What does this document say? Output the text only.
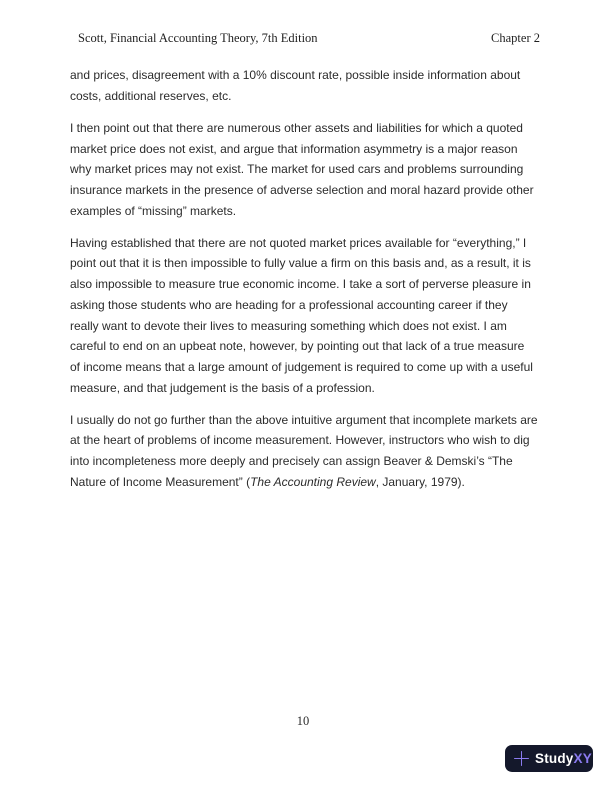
Scott, Financial Accounting Theory, 7th Edition	Chapter 2

and prices, disagreement with a 10% discount rate, possible inside information about
costs, additional reserves, etc.

I then point out that there are numerous other assets and liabilities for which a quoted
market price does not exist, and argue that information asymmetry is a major reason
why market prices may not exist. The market for used cars and problems surrounding
insurance markets in the presence of adverse selection and moral hazard provide other
examples of “missing” markets.

Having established that there are not quoted market prices available for “everything,” I
point out that it is then impossible to fully value a firm on this basis and, as a result, it is
also impossible to measure true economic income. I take a sort of perverse pleasure in
asking those students who are heading for a professional accounting career if they
really want to devote their lives to measuring something which does not exist. I am
careful to end on an upbeat note, however, by pointing out that lack of a true measure
of income means that a large amount of judgement is required to come up with a useful
measure, and that judgement is the basis of a profession.

I usually do not go further than the above intuitive argument that incomplete markets are
at the heart of problems of income measurement. However, instructors who wish to dig
into incompleteness more deeply and precisely can assign Beaver & Demski’s “The
Nature of Income Measurement” (The Accounting Review, January, 1979).

10
StudyXY
